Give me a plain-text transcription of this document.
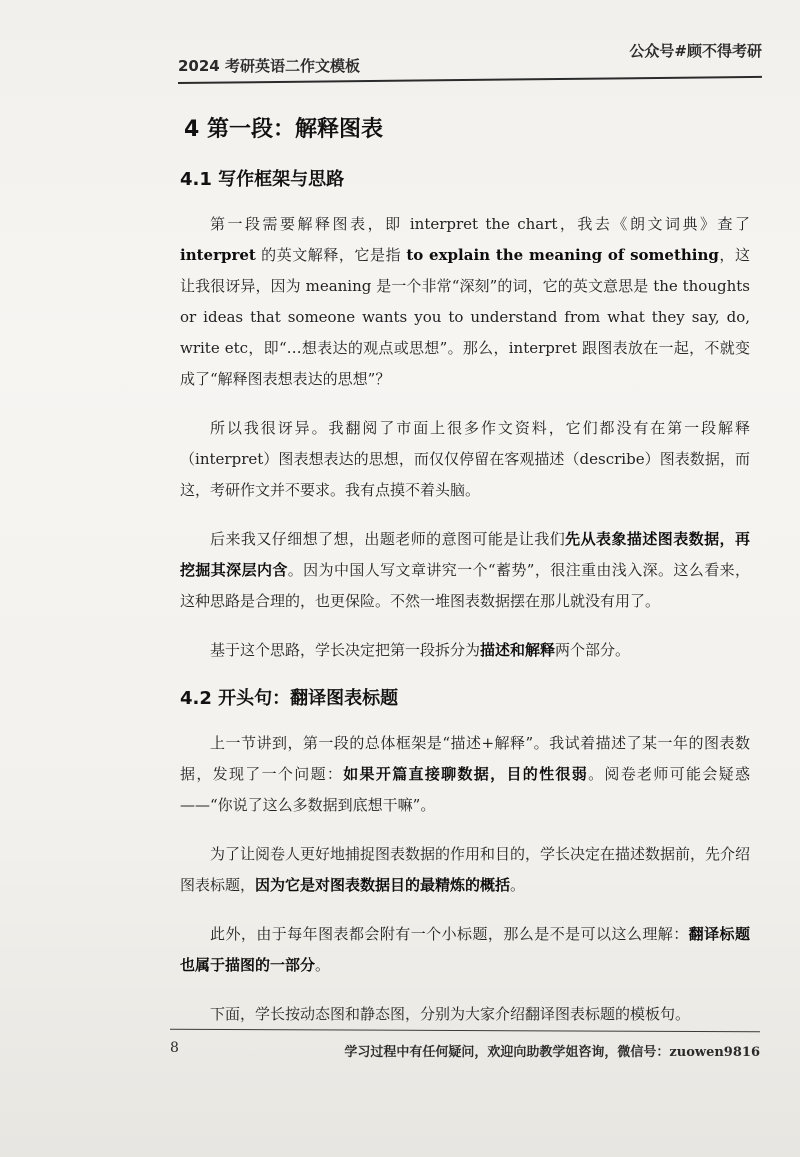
公众号#顾不得考研
2024 考研英语二作文模板
4 第一段：解释图表
4.1 写作框架与思路

第一段需要解释图表，即 interpret the chart，我去《朗文词典》查了 interpret 的英文解释，它是指 to explain the meaning of something，这让我很讶异，因为 meaning 是一个非常“深刻”的词，它的英文意思是 the thoughts or ideas that someone wants you to understand from what they say, do, write etc，即“…想表达的观点或思想”。那么，interpret 跟图表放在一起，不就变成了“解释图表想表达的思想”？

所以我很讶异。我翻阅了市面上很多作文资料，它们都没有在第一段解释（interpret）图表想表达的思想，而仅仅停留在客观描述（describe）图表数据，而这，考研作文并不要求。我有点摸不着头脑。

后来我又仔细想了想，出题老师的意图可能是让我们先从表象描述图表数据，再挖掘其深层内含。因为中国人写文章讲究一个“蓄势”，很注重由浅入深。这么看来，这种思路是合理的，也更保险。不然一堆图表数据摆在那儿就没有用了。

基于这个思路，学长决定把第一段拆分为描述和解释两个部分。

4.2 开头句：翻译图表标题

上一节讲到，第一段的总体框架是“描述+解释”。我试着描述了某一年的图表数据，发现了一个问题：如果开篇直接聊数据，目的性很弱。阅卷老师可能会疑惑——“你说了这么多数据到底想干嘛”。

为了让阅卷人更好地捕捉图表数据的作用和目的，学长决定在描述数据前，先介绍图表标题，因为它是对图表数据目的最精炼的概括。

此外，由于每年图表都会附有一个小标题，那么是不是可以这么理解：翻译标题也属于描图的一部分。

下面，学长按动态图和静态图，分别为大家介绍翻译图表标题的模板句。

8	学习过程中有任何疑问，欢迎向助教学姐咨询，微信号：zuowen9816
